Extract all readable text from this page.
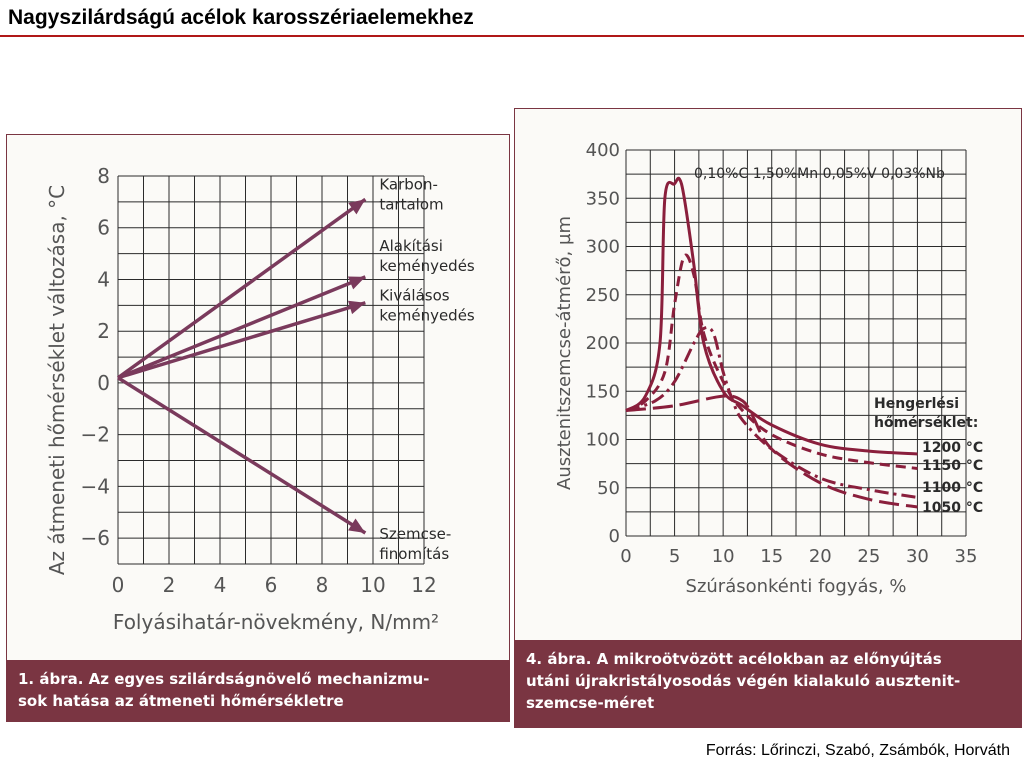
Nagyszilárdságú acélok karosszériaelemekhez
0 2 4 6 8 10 12
8
6
4
2
0
−2
−4
−6
Folyásihatár-növekmény, N/mm²
Az átmeneti hőmérséklet változása, °C
Karbon-
tartalom
Alakítási
keményedés
Kiválásos
keményedés
Szemcse-
finomítás
1. ábra. Az egyes szilárdságnövelő mechanizmu-
sok hatása az átmeneti hőmérsékletre
0 5 10 15 20 25 30 35
400
350
300
250
200
150
100
50
0
Szúrásonkénti fogyás, %
Ausztenitszemcse-átmérő, µm
0,10%C 1,50%Mn 0,05%V 0,03%Nb
Hengerlési
hőmérséklet:
1200 °C
1150 °C
1100 °C
1050 °C
4. ábra. A mikroötvözött acélokban az előnyújtás
utáni újrakristályosodás végén kialakuló ausztenit-
szemcse-méret
Forrás: Lőrinczi, Szabó, Zsámbók, Horváth
